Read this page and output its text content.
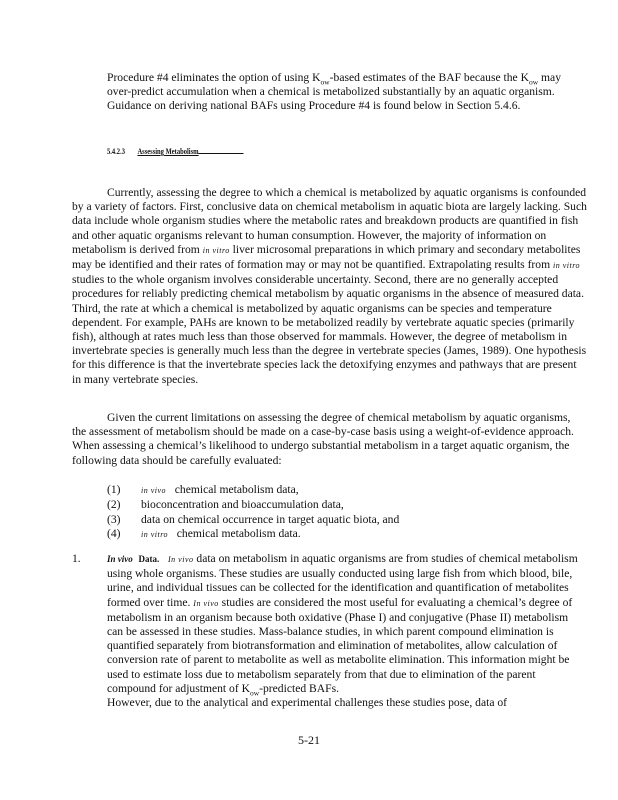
Procedure #4 eliminates the option of using $K_{ow}$-based estimates of the BAF because the $K_{ow}$ may over-predict accumulation when a chemical is metabolized substantially by an aquatic organism. Guidance on deriving national BAFs using Procedure #4 is found below in Section 5.4.6.

5.4.2.3 Assessing Metabolism

Currently, assessing the degree to which a chemical is metabolized by aquatic organisms is confounded by a variety of factors. First, conclusive data on chemical metabolism in aquatic biota are largely lacking. Such data include whole organism studies where the metabolic rates and breakdown products are quantified in fish and other aquatic organisms relevant to human consumption. However, the majority of information on metabolism is derived from in vitro liver microsomal preparations in which primary and secondary metabolites may be identified and their rates of formation may or may not be quantified. Extrapolating results from in vitro studies to the whole organism involves considerable uncertainty. Second, there are no generally accepted procedures for reliably predicting chemical metabolism by aquatic organisms in the absence of measured data. Third, the rate at which a chemical is metabolized by aquatic organisms can be species and temperature dependent. For example, PAHs are known to be metabolized readily by vertebrate aquatic species (primarily fish), although at rates much less than those observed for mammals. However, the degree of metabolism in invertebrate species is generally much less than the degree in vertebrate species (James, 1989). One hypothesis for this difference is that the invertebrate species lack the detoxifying enzymes and pathways that are present in many vertebrate species.

Given the current limitations on assessing the degree of chemical metabolism by aquatic organisms, the assessment of metabolism should be made on a case-by-case basis using a weight-of-evidence approach. When assessing a chemical’s likelihood to undergo substantial metabolism in a target aquatic organism, the following data should be carefully evaluated:

(1)	in vivo chemical metabolism data,
(2)	bioconcentration and bioaccumulation data,
(3)	data on chemical occurrence in target aquatic biota, and
(4)	in vitro chemical metabolism data.
1.	In vivo Data. In vivo data on metabolism in aquatic organisms are from studies of chemical metabolism using whole organisms. These studies are usually conducted using large fish from which blood, bile, urine, and individual tissues can be collected for the identification and quantification of metabolites formed over time. In vivo studies are considered the most useful for evaluating a chemical’s degree of metabolism in an organism because both oxidative (Phase I) and conjugative (Phase II) metabolism can be assessed in these studies. Mass-balance studies, in which parent compound elimination is quantified separately from biotransformation and elimination of metabolites, allow calculation of conversion rate of parent to metabolite as well as metabolite elimination. This information might be used to estimate loss due to metabolism separately from that due to elimination of the parent compound for adjustment of $K_{ow}$-predicted BAFs.
However, due to the analytical and experimental challenges these studies pose, data of

5-21
